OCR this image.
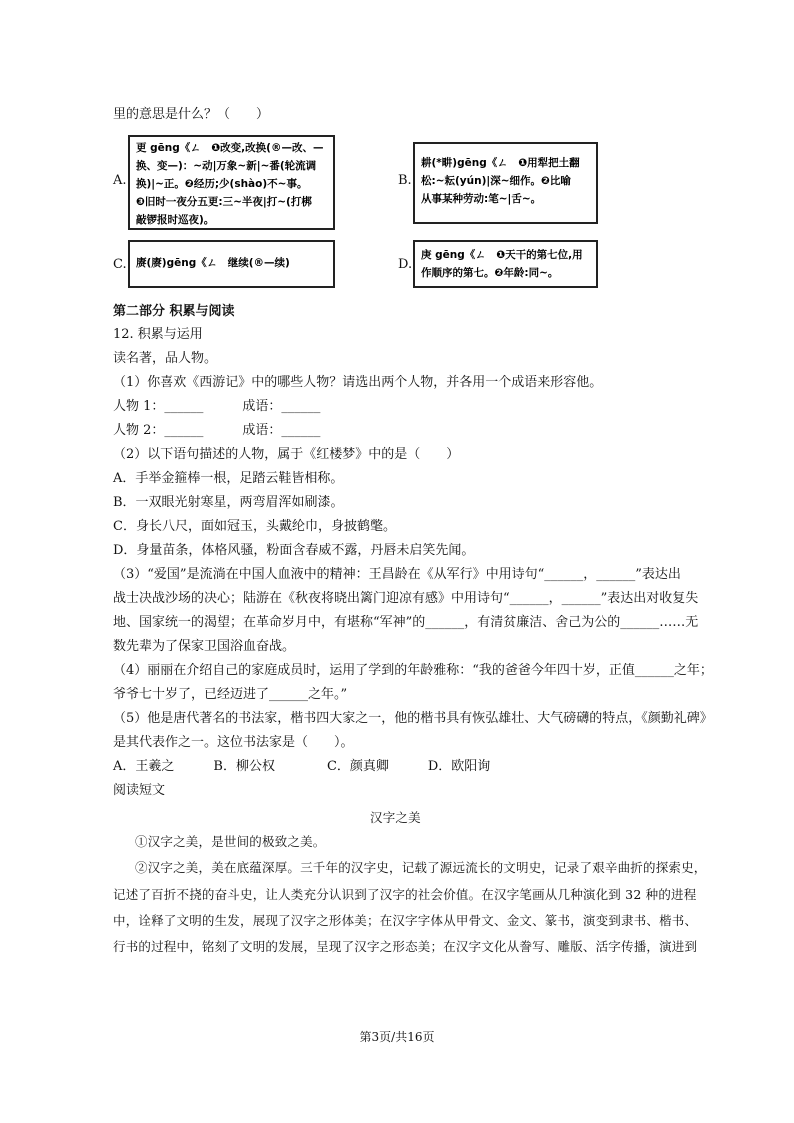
里的意思是什么？（　　）
A.
更 gēng《ㄥ　❶改变,改换(®—改、—
换、变—)：~动|万象~新|~番(轮流调
换)|~正。❷经历;少(shào)不~事。
❸旧时一夜分五更:三~半夜|打~(打梆
敲锣报时巡夜)。
B.
耕(*畊)gēng《ㄥ　❶用犁把土翻
松:~耘(yún)|深~细作。❷比喻
从事某种劳动:笔~|舌~。
C. 赓(赓)gēng《ㄥ　继续(®—续)	D.
庚 gēng《ㄥ　❶天干的第七位,用
作顺序的第七。❷年龄:同~。
第二部分 积累与阅读
12. 积累与运用
读名著，品人物。
（1）你喜欢《西游记》中的哪些人物？请选出两个人物，并各用一个成语来形容他。
人物 1：______　　　成语：______
人物 2：______　　　成语：______
（2）以下语句描述的人物，属于《红楼梦》中的是（　　）
A．手举金箍棒一根，足踏云鞋皆相称。
B．一双眼光射寒星，两弯眉浑如刷漆。
C．身长八尺，面如冠玉，头戴纶巾，身披鹤氅。
D．身量苗条，体格风骚，粉面含春威不露，丹唇未启笑先闻。
（3）“爱国”是流淌在中国人血液中的精神：王昌龄在《从军行》中用诗句“______，______”表达出
战士决战沙场的决心；陆游在《秋夜将晓出篱门迎凉有感》中用诗句“______，______”表达出对收复失
地、国家统一的渴望；在革命岁月中，有堪称“军神”的______，有清贫廉洁、舍己为公的______……无
数先辈为了保家卫国浴血奋战。
（4）丽丽在介绍自己的家庭成员时，运用了学到的年龄雅称：“我的爸爸今年四十岁，正值______之年；
爷爷七十岁了，已经迈进了______之年。”
（5）他是唐代著名的书法家，楷书四大家之一，他的楷书具有恢弘雄壮、大气磅礴的特点，《颜勤礼碑》
是其代表作之一。这位书法家是（　　）。
A．王羲之　　　B．柳公权　　　　C．颜真卿　　　D．欧阳询
阅读短文
汉字之美
①汉字之美，是世间的极致之美。
②汉字之美，美在底蕴深厚。三千年的汉字史，记载了源远流长的文明史，记录了艰辛曲折的探索史，
记述了百折不挠的奋斗史，让人类充分认识到了汉字的社会价值。在汉字笔画从几种演化到 32 种的进程
中，诠释了文明的生发，展现了汉字之形体美；在汉字字体从甲骨文、金文、篆书，演变到隶书、楷书、
行书的过程中，铭刻了文明的发展，呈现了汉字之形态美；在汉字文化从誊写、雕版、活字传播，演进到
第3页/共16页
